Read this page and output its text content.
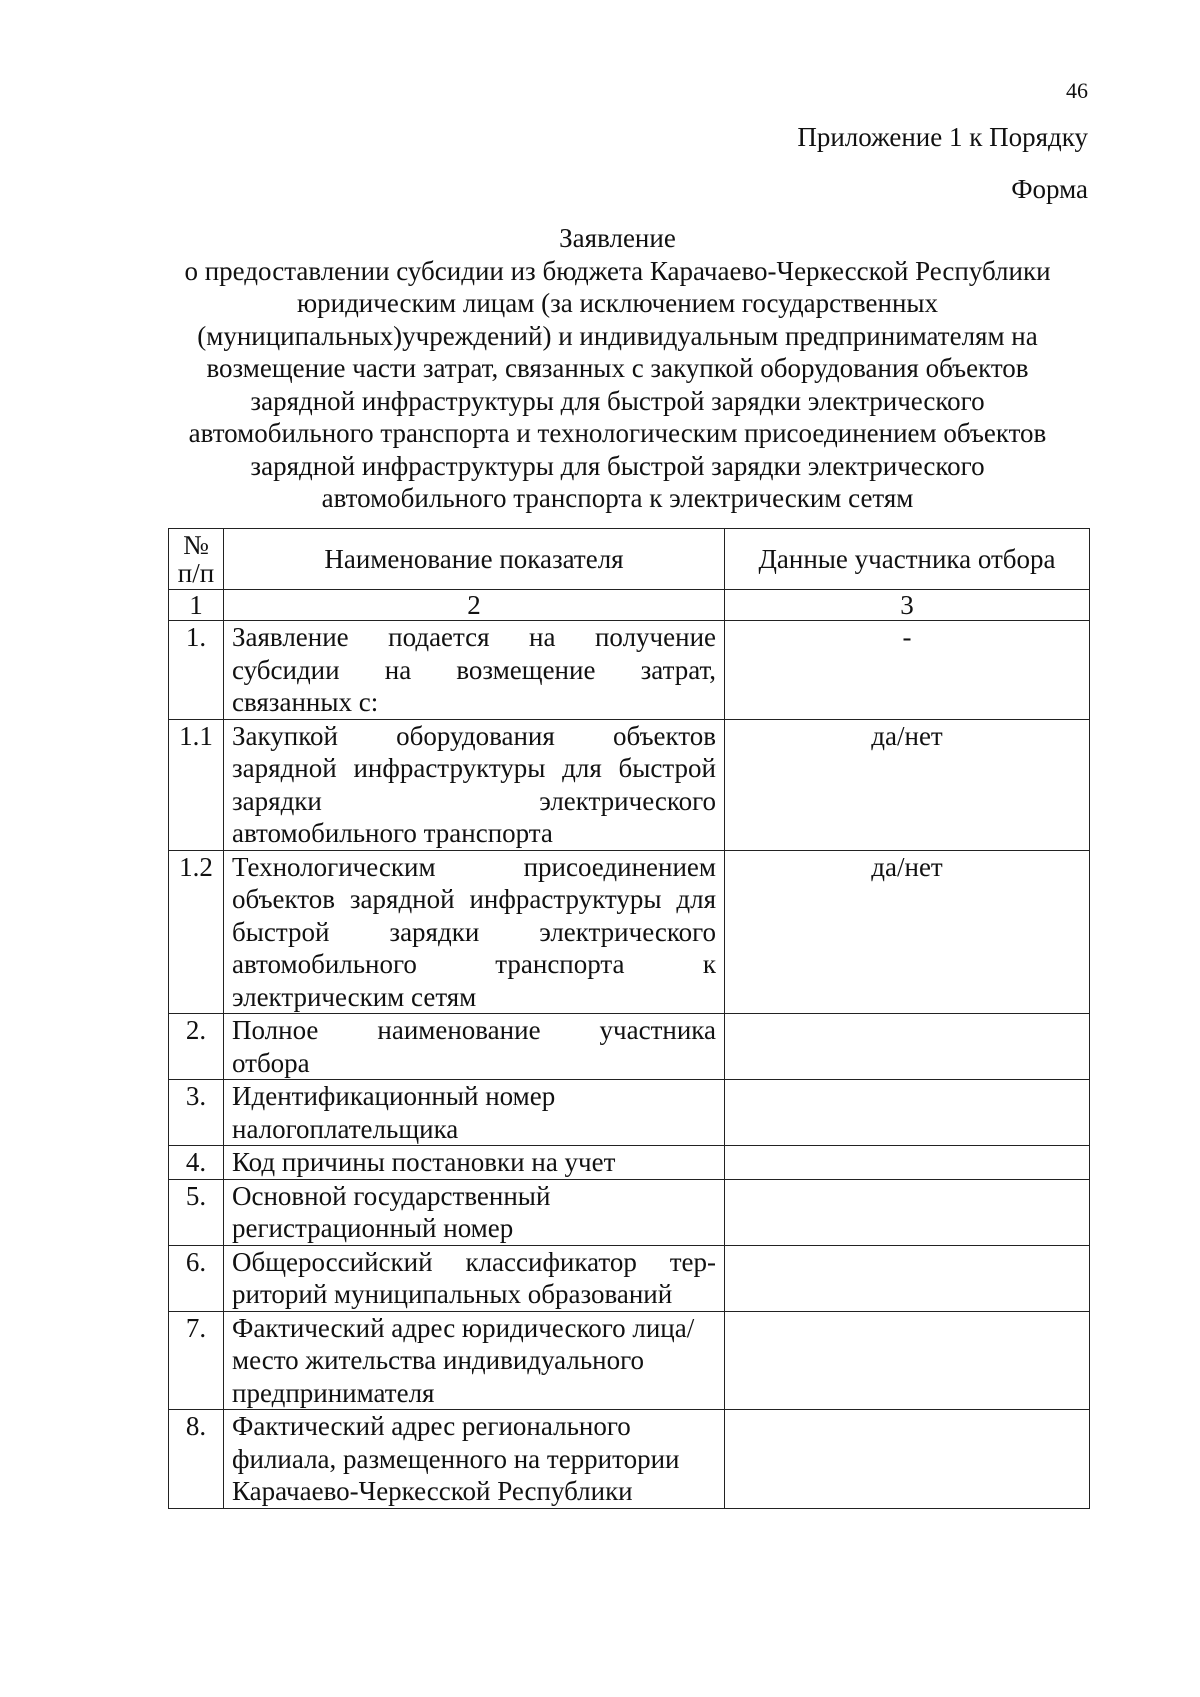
46
Приложение 1 к Порядку
Форма
Заявление
о предоставлении субсидии из бюджета Карачаево-Черкесской Республики
юридическим лицам (за исключением государственных
(муниципальных)учреждений) и индивидуальным предпринимателям на
возмещение части затрат, связанных с закупкой оборудования объектов
зарядной инфраструктуры для быстрой зарядки электрического
автомобильного транспорта и технологическим присоединением объектов
зарядной инфраструктуры для быстрой зарядки электрического
автомобильного транспорта к электрическим сетям
№
п/п	Наименование показателя	Данные участника отбора
1	2	3
1.	Заявление подается на получение
субсидии на возмещение затрат,
связанных с:	-
1.1	Закупкой оборудования объектов
зарядной инфраструктуры для быстрой
зарядки электрического
автомобильного транспорта	да/нет
1.2	Технологическим присоединением
объектов зарядной инфраструктуры для
быстрой зарядки электрического
автомобильного транспорта к
электрическим сетям	да/нет
2.	Полное наименование участника
отбора	

3.	Идентификационный номер налогоплательщика	

4.	Код причины постановки на учет	

5.	Основной государственный регистрационный номер	

6.	Общероссийский классификатор тер-
риторий муниципальных образований	

7.	Фактический адрес юридического лица/место жительства индивидуального предпринимателя	

8.	Фактический адрес регионального филиала, размещенного на территории Карачаево-Черкесской Республики	
